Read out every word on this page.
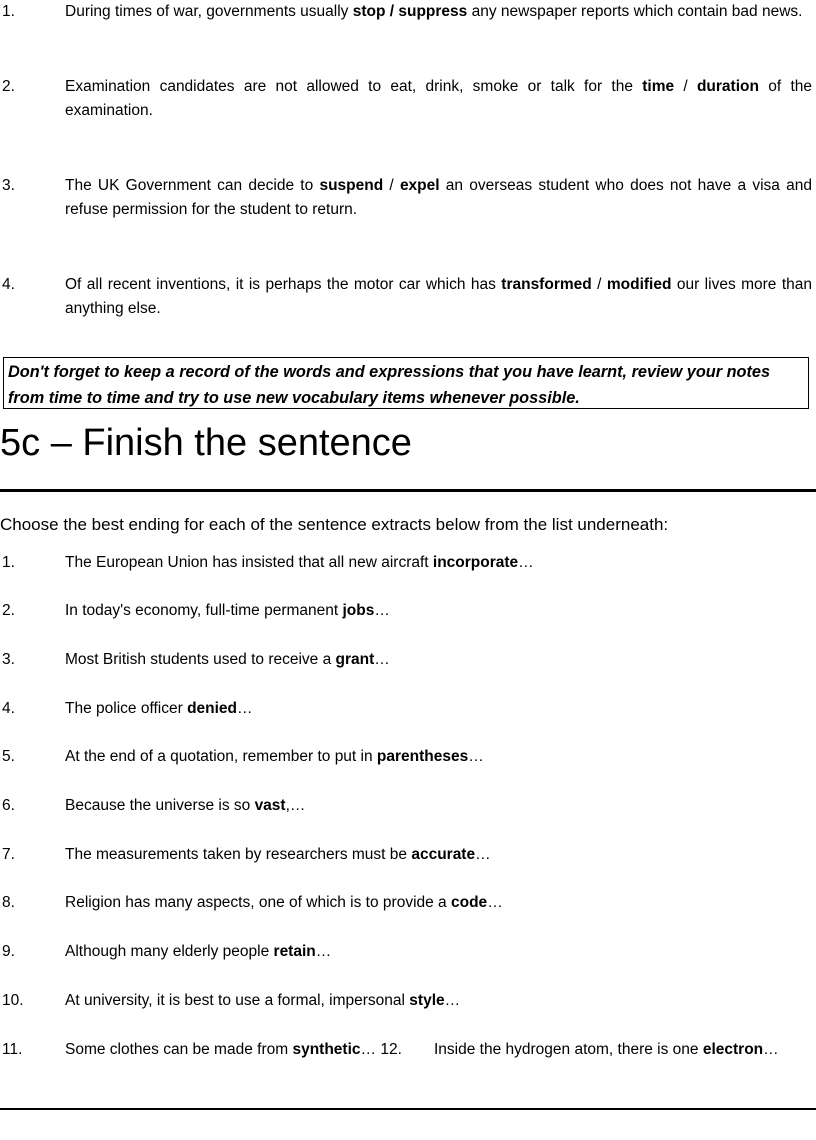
1.	During times of war, governments usually stop / suppress any newspaper reports which contain bad news.
2.	Examination candidates are not allowed to eat, drink, smoke or talk for the time / duration of the examination.
3.	The UK Government can decide to suspend / expel an overseas student who does not have a visa and refuse permission for the student to return.
4.	Of all recent inventions, it is perhaps the motor car which has transformed / modified our lives more than anything else.
Don't forget to keep a record of the words and expressions that you have learnt, review your notes from time to time and try to use new vocabulary items whenever possible.
5c – Finish the sentence
Choose the best ending for each of the sentence extracts below from the list underneath:
1.	The European Union has insisted that all new aircraft incorporate…
2.	In today's economy, full-time permanent jobs…
3.	Most British students used to receive a grant…
4.	The police officer denied…
5.	At the end of a quotation, remember to put in parentheses…
6.	Because the universe is so vast,…
7.	The measurements taken by researchers must be accurate…
8.	Religion has many aspects, one of which is to provide a code…
9.	Although many elderly people retain…
10.	At university, it is best to use a formal, impersonal style…
11.	Some clothes can be made from synthetic… 12.	Inside the hydrogen atom, there is one electron…
